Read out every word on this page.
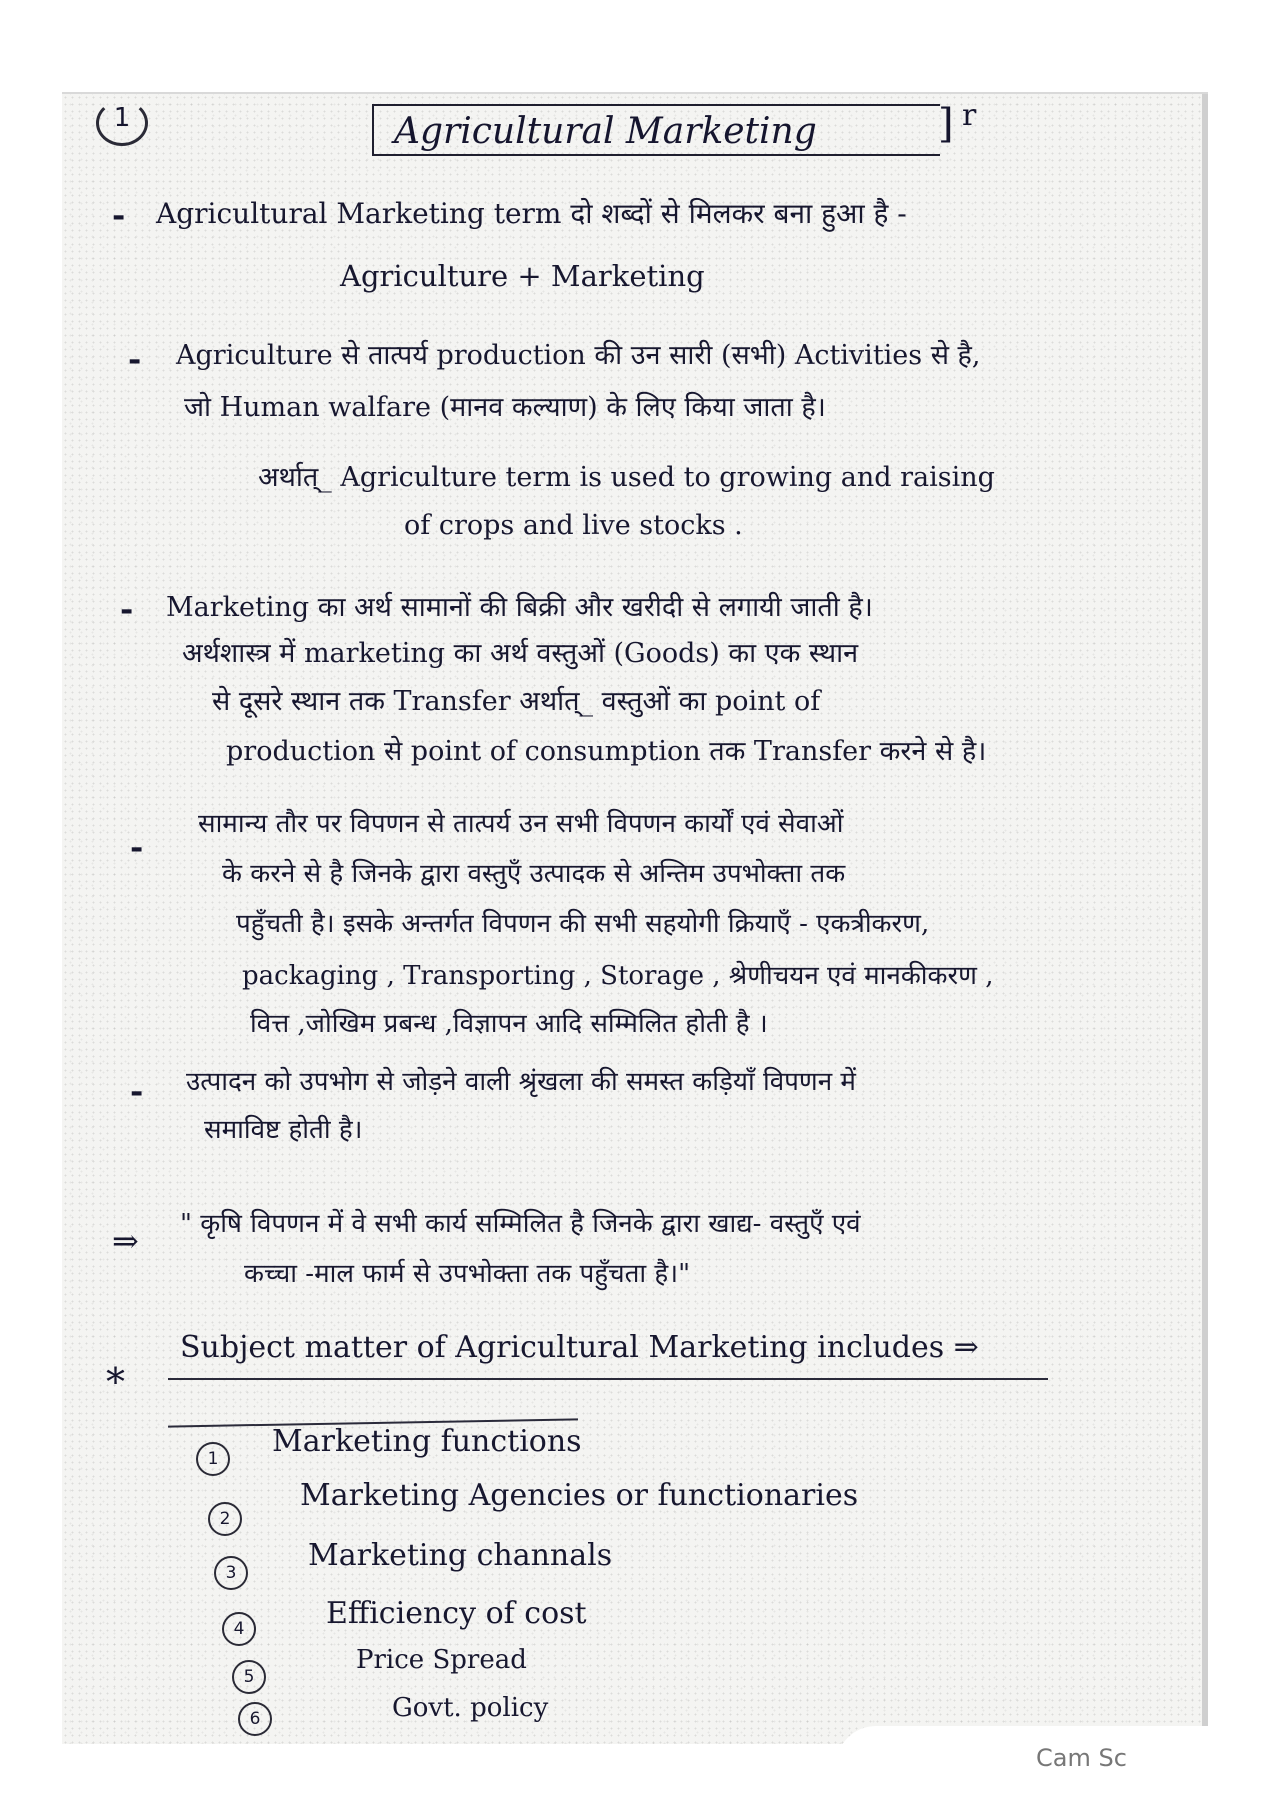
1	Agricultural Marketing	] r
- Agricultural Marketing term दो शब्दों से मिलकर बना हुआ है -
Agriculture + Marketing
- Agriculture से तात्पर्य production की उन सारी (सभी) Activities से है,
जो Human walfare (मानव कल्याण) के लिए किया जाता है।
अर्थात्_ Agriculture term is used to growing and raising
of crops and live stocks .
- Marketing का अर्थ सामानों की बिक्री और खरीदी से लगायी जाती है।
अर्थशास्त्र में marketing का अर्थ वस्तुओं (Goods) का एक स्थान
से दूसरे स्थान तक Transfer अर्थात्_ वस्तुओं का point of
production से point of consumption तक Transfer करने से है।
-
सामान्य तौर पर विपणन से तात्पर्य उन सभी विपणन कार्यों एवं सेवाओं
के करने से है जिनके द्वारा वस्तुएँ उत्पादक से अन्तिम उपभोक्ता तक
पहुँचती है। इसके अन्तर्गत विपणन की सभी सहयोगी क्रियाएँ - एकत्रीकरण,
packaging , Transporting , Storage , श्रेणीचयन एवं मानकीकरण ,
वित्त ,जोखिम प्रबन्ध ,विज्ञापन आदि सम्मिलित होती है ।
- उत्पादन को उपभोग से जोड़ने वाली श्रृंखला की समस्त कड़ियाँ विपणन में
समाविष्ट होती है।
⇒ " कृषि विपणन में वे सभी कार्य सम्मिलित है जिनके द्वारा खाद्य- वस्तुएँ एवं
कच्चा -माल फार्म से उपभोक्ता तक पहुँचता है।"
*
Subject matter of Agricultural Marketing includes ⇒
1	Marketing functions
2
Marketing Agencies or functionaries
3	Marketing channals
4	Efficiency of cost
5
Price Spread
6	Govt. policy
Cam Sc
